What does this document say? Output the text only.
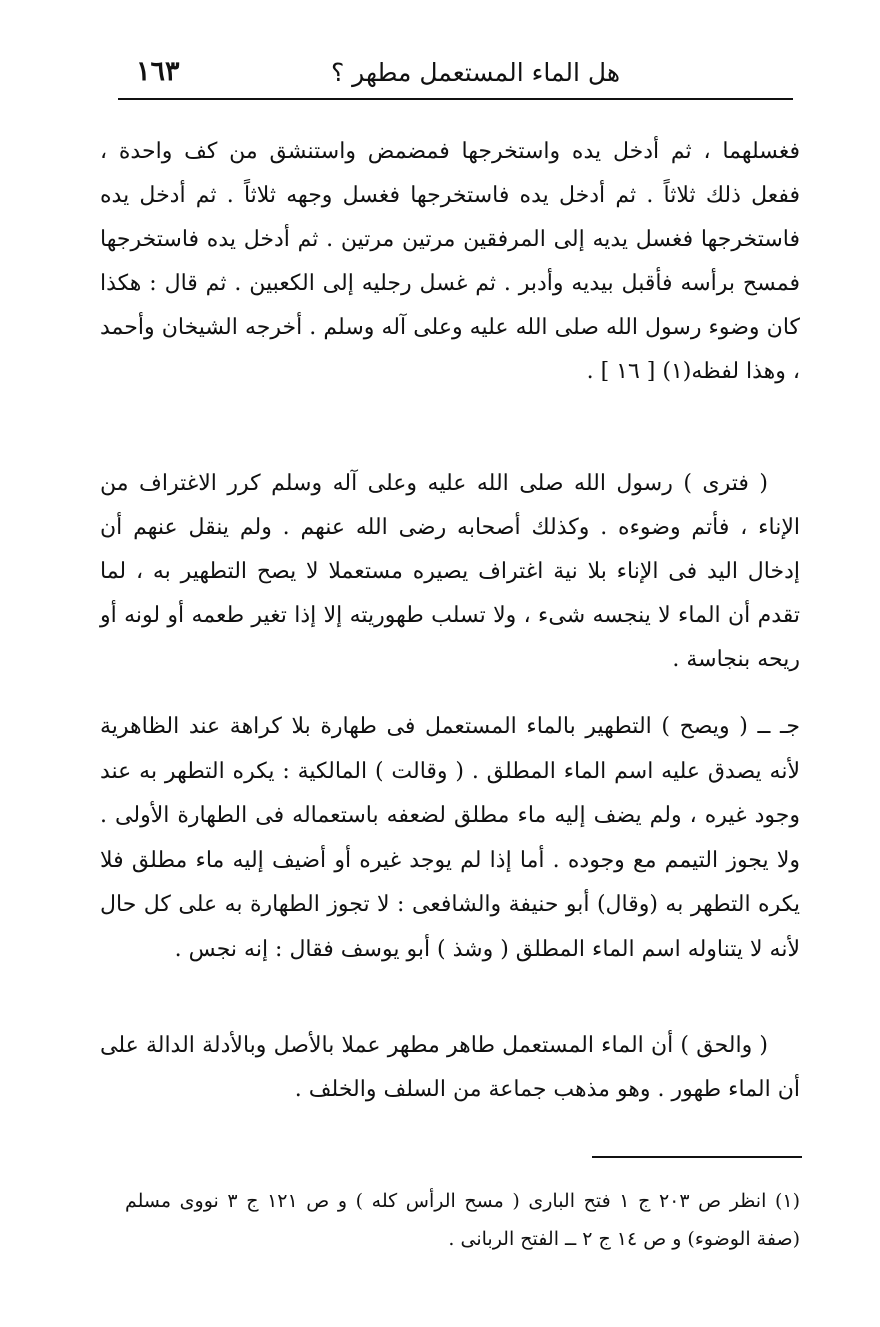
هل الماء المستعمل مطهر ؟
١٦٣

فغسلهما ، ثم أدخل يده واستخرجها فمضمض واستنشق من كف واحدة ، ففعل ذلك ثلاثاً . ثم أدخل يده فاستخرجها فغسل وجهه ثلاثاً . ثم أدخل يده فاستخرجها فغسل يديه إلى المرفقين مرتين مرتين . ثم أدخل يده فاستخرجها فمسح برأسه فأقبل بيديه وأدبر . ثم غسل رجليه إلى الكعبين . ثم قال : هكذا كان وضوء رسول الله صلى الله عليه وعلى آله وسلم . أخرجه الشيخان وأحمد ، وهذا لفظه(١) [ ١٦ ] .

( فترى ) رسول الله صلى الله عليه وعلى آله وسلم كرر الاغتراف من الإناء ، فأتم وضوءه . وكذلك أصحابه رضى الله عنهم . ولم ينقل عنهم أن إدخال اليد فى الإناء بلا نية اغتراف يصيره مستعملا لا يصح التطهير به ، لما تقدم أن الماء لا ينجسه شىء ، ولا تسلب طهوريته إلا إذا تغير طعمه أو لونه أو ريحه بنجاسة .

جـ ــ ( ويصح ) التطهير بالماء المستعمل فى طهارة بلا كراهة عند الظاهرية لأنه يصدق عليه اسم الماء المطلق . ( وقالت ) المالكية : يكره التطهر به عند وجود غيره ، ولم يضف إليه ماء مطلق لضعفه باستعماله فى الطهارة الأولى . ولا يجوز التيمم مع وجوده . أما إذا لم يوجد غيره أو أضيف إليه ماء مطلق فلا يكره التطهر به (وقال) أبو حنيفة والشافعى : لا تجوز الطهارة به على كل حال لأنه لا يتناوله اسم الماء المطلق ( وشذ ) أبو يوسف فقال : إنه نجس .

( والحق ) أن الماء المستعمل طاهر مطهر عملا بالأصل وبالأدلة الدالة على أن الماء طهور . وهو مذهب جماعة من السلف والخلف .

(١) انظر ص ٢٠٣ ج ١ فتح البارى ( مسح الرأس كله ) و ص ١٢١ ج ٣ نووى مسلم (صفة الوضوء) و ص ١٤ ج ٢ ــ الفتح الربانى .
